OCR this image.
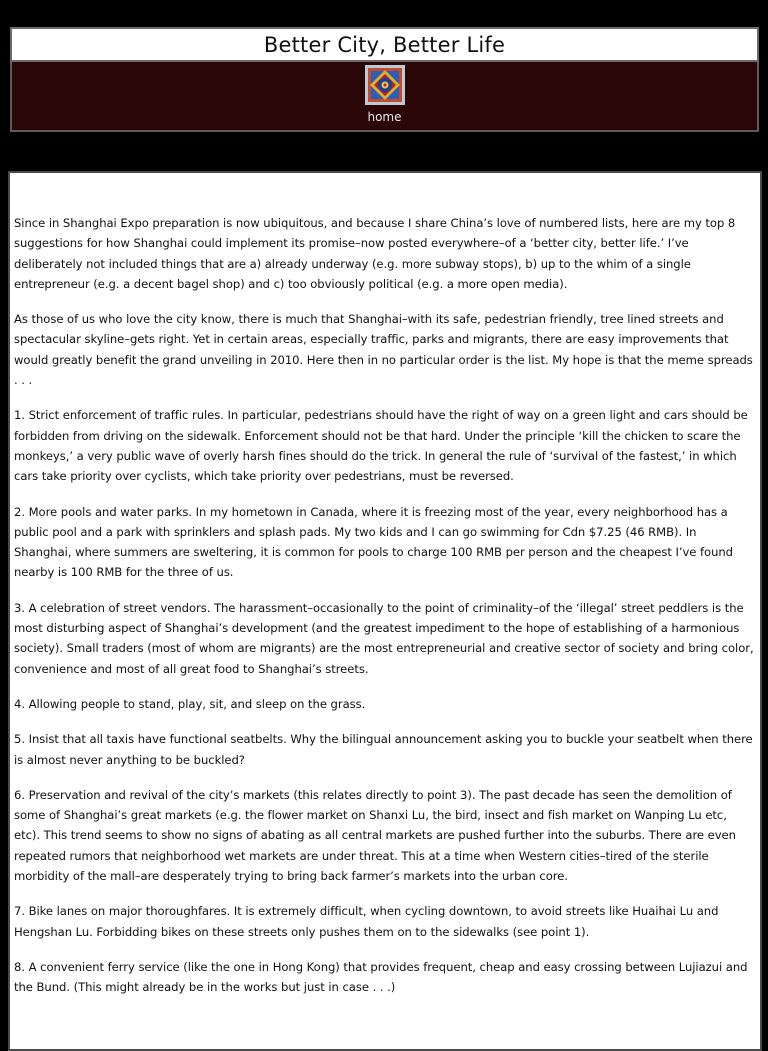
Better City, Better Life
home

Since in Shanghai Expo preparation is now ubiquitous, and because I share China’s love of numbered lists, here are my top 8 suggestions for how Shanghai could implement its promise–now posted everywhere–of a ‘better city, better life.’ I’ve deliberately not included things that are a) already underway (e.g. more subway stops), b) up to the whim of a single entrepreneur (e.g. a decent bagel shop) and c) too obviously political (e.g. a more open media).

As those of us who love the city know, there is much that Shanghai–with its safe, pedestrian friendly, tree lined streets and spectacular skyline–gets right. Yet in certain areas, especially traffic, parks and migrants, there are easy improvements that would greatly benefit the grand unveiling in 2010. Here then in no particular order is the list. My hope is that the meme spreads . . .

1. Strict enforcement of traffic rules. In particular, pedestrians should have the right of way on a green light and cars should be forbidden from driving on the sidewalk. Enforcement should not be that hard. Under the principle ‘kill the chicken to scare the monkeys,’ a very public wave of overly harsh fines should do the trick. In general the rule of ‘survival of the fastest,’ in which cars take priority over cyclists, which take priority over pedestrians, must be reversed.

2. More pools and water parks. In my hometown in Canada, where it is freezing most of the year, every neighborhood has a public pool and a park with sprinklers and splash pads. My two kids and I can go swimming for Cdn $7.25 (46 RMB). In Shanghai, where summers are sweltering, it is common for pools to charge 100 RMB per person and the cheapest I’ve found nearby is 100 RMB for the three of us.

3. A celebration of street vendors. The harassment–occasionally to the point of criminality–of the ‘illegal’ street peddlers is the most disturbing aspect of Shanghai’s development (and the greatest impediment to the hope of establishing of a harmonious society). Small traders (most of whom are migrants) are the most entrepreneurial and creative sector of society and bring color, convenience and most of all great food to Shanghai’s streets.

4. Allowing people to stand, play, sit, and sleep on the grass.

5. Insist that all taxis have functional seatbelts. Why the bilingual announcement asking you to buckle your seatbelt when there is almost never anything to be buckled?

6. Preservation and revival of the city’s markets (this relates directly to point 3). The past decade has seen the demolition of some of Shanghai’s great markets (e.g. the flower market on Shanxi Lu, the bird, insect and fish market on Wanping Lu etc, etc). This trend seems to show no signs of abating as all central markets are pushed further into the suburbs. There are even repeated rumors that neighborhood wet markets are under threat. This at a time when Western cities–tired of the sterile morbidity of the mall–are desperately trying to bring back farmer’s markets into the urban core.

7. Bike lanes on major thoroughfares. It is extremely difficult, when cycling downtown, to avoid streets like Huaihai Lu and Hengshan Lu. Forbidding bikes on these streets only pushes them on to the sidewalks (see point 1).

8. A convenient ferry service (like the one in Hong Kong) that provides frequent, cheap and easy crossing between Lujiazui and the Bund. (This might already be in the works but just in case . . .)
